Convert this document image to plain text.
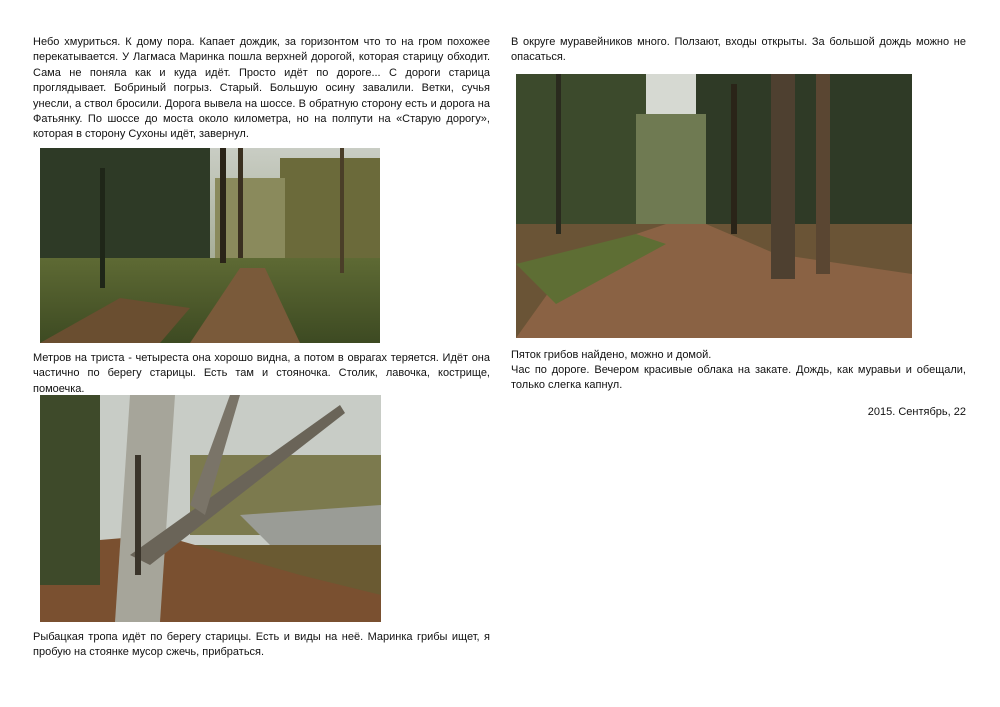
Небо хмуриться. К дому пора. Капает дождик, за горизонтом что то на гром похожее перекатывается. У Лагмаса Маринка пошла верхней дорогой, которая старицу обходит. Сама не поняла как и куда идёт. Просто идёт по дороге... С дороги старица проглядывает. Бобриный погрыз. Старый. Большую осину завалили. Ветки, сучья унесли, а ствол бросили. Дорога вывела на шоссе. В обратную сторону есть и дорога на Фатьянку. По шоссе до моста около километра, но на полпути на «Старую дорогу», которая в сторону Сухоны идёт, завернул.

Метров на триста - четыреста она хорошо видна, а потом в оврагах теряется. Идёт она частично по берегу старицы. Есть там и стояночка. Столик, лавочка, кострище, помоечка.

Рыбацкая тропа идёт по берегу старицы. Есть и виды на неё. Маринка грибы ищет, я пробую на стоянке мусор сжечь, прибраться.

В округе муравейников много. Ползают, входы открыты. За большой дождь можно не опасаться.

Пяток грибов найдено, можно и домой.

Час по дороге. Вечером красивые облака на закате. Дождь, как муравьи и обещали, только слегка капнул.

2015. Сентябрь, 22
